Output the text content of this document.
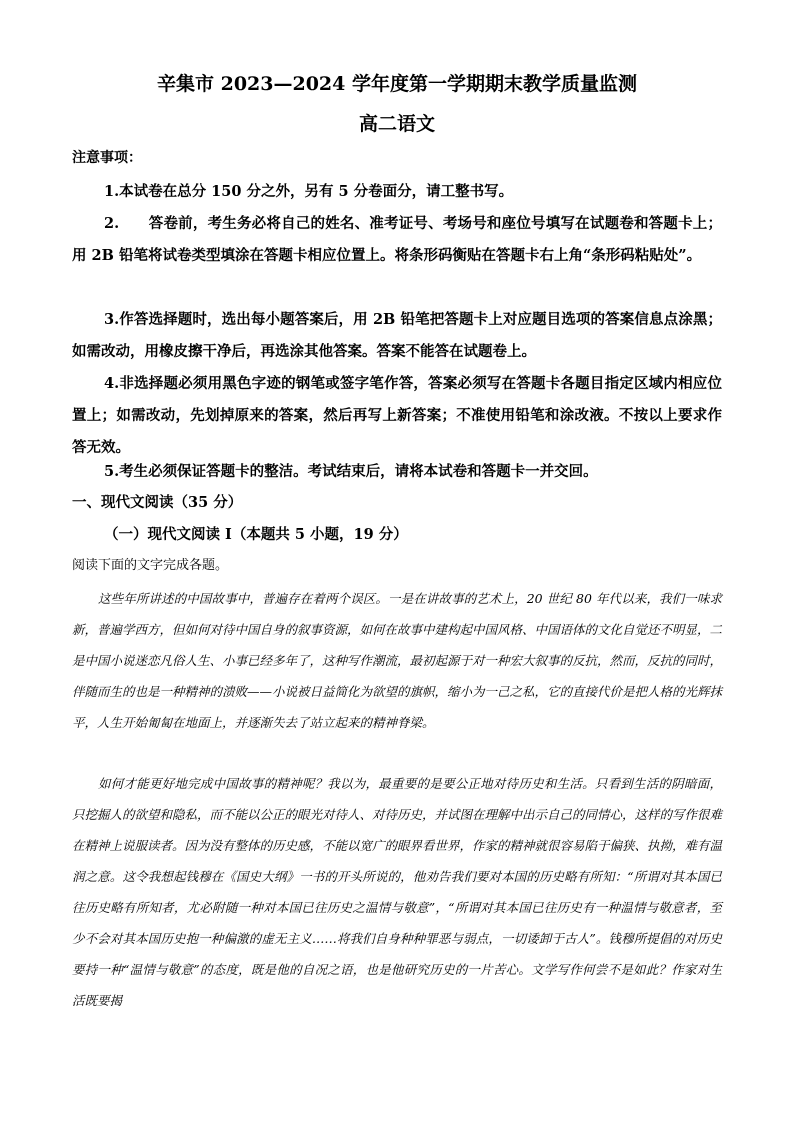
辛集市 2023—2024 学年度第一学期期末教学质量监测
高二语文
注意事项：

1.本试卷在总分 150 分之外，另有 5 分卷面分，请工整书写。

2.　　答卷前，考生务必将自己的姓名、准考证号、考场号和座位号填写在试题卷和答题卡上；用 2B 铅笔将试卷类型填涂在答题卡相应位置上。将条形码衡贴在答题卡右上角“条形码粘贴处”。

3.作答选择题时，选出每小题答案后，用 2B 铅笔把答题卡上对应题目选项的答案信息点涂黑；如需改动，用橡皮擦干净后，再选涂其他答案。答案不能答在试题卷上。

4.非选择题必须用黑色字迹的钢笔或签字笔作答，答案必须写在答题卡各题目指定区域内相应位置上；如需改动，先划掉原来的答案，然后再写上新答案；不准使用铅笔和涂改液。不按以上要求作答无效。

5.考生必须保证答题卡的整洁。考试结束后，请将本试卷和答题卡一并交回。

一、现代文阅读（35 分）
（一）现代文阅读 I（本题共 5 小题，19 分）
阅读下面的文字完成各题。

这些年所讲述的中国故事中，普遍存在着两个误区。一是在讲故事的艺术上，20 世纪 80 年代以来，我们一味求新，普遍学西方，但如何对待中国自身的叙事资源，如何在故事中建构起中国风格、中国语体的文化自觉还不明显，二是中国小说迷恋凡俗人生、小事已经多年了，这种写作潮流，最初起源于对一种宏大叙事的反抗，然而，反抗的同时，伴随而生的也是一种精神的溃败——小说被日益简化为欲望的旗帜，缩小为一己之私，它的直接代价是把人格的光辉抹平，人生开始匍匐在地面上，并逐渐失去了站立起来的精神脊梁。

如何才能更好地完成中国故事的精神呢？我以为，最重要的是要公正地对待历史和生活。只看到生活的阴暗面，只挖掘人的欲望和隐私，而不能以公正的眼光对待人、对待历史，并试图在理解中出示自己的同情心，这样的写作很难在精神上说服读者。因为没有整体的历史感，不能以宽广的眼界看世界，作家的精神就很容易陷于偏狭、执拗，难有温润之意。这令我想起钱穆在《国史大纲》一书的开头所说的，他劝告我们要对本国的历史略有所知：“所谓对其本国已往历史略有所知者，尤必附随一种对本国已往历史之温情与敬意”，“所谓对其本国已往历史有一种温情与敬意者，至少不会对其本国历史抱一种偏激的虚无主义……将我们自身种种罪恶与弱点，一切诿卸于古人”。钱穆所提倡的对历史要持一种“温情与敬意”的态度，既是他的自况之语，也是他研究历史的一片苦心。文学写作何尝不是如此？作家对生活既要揭
